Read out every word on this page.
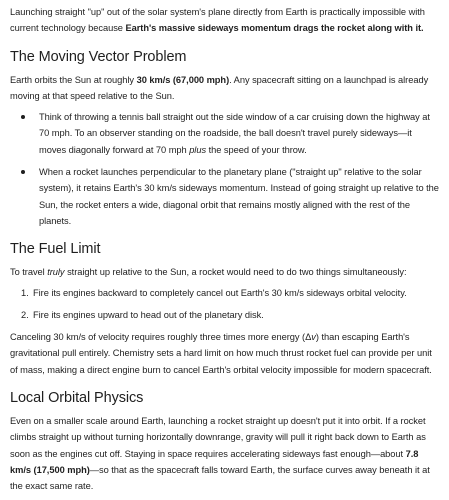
Launching straight "up" out of the solar system's plane directly from Earth is practically impossible with current technology because Earth's massive sideways momentum drags the rocket along with it.

The Moving Vector Problem

Earth orbits the Sun at roughly 30 km/s (67,000 mph). Any spacecraft sitting on a launchpad is already moving at that speed relative to the Sun.

Think of throwing a tennis ball straight out the side window of a car cruising down the highway at 70 mph. To an observer standing on the roadside, the ball doesn't travel purely sideways—it moves diagonally forward at 70 mph plus the speed of your throw.
When a rocket launches perpendicular to the planetary plane ("straight up" relative to the solar system), it retains Earth's 30 km/s sideways momentum. Instead of going straight up relative to the Sun, the rocket enters a wide, diagonal orbit that remains mostly aligned with the rest of the planets.
The Fuel Limit

To travel truly straight up relative to the Sun, a rocket would need to do two things simultaneously:

1. Fire its engines backward to completely cancel out Earth's 30 km/s sideways orbital velocity.
2. Fire its engines upward to head out of the planetary disk.

Canceling 30 km/s of velocity requires roughly three times more energy (Δv) than escaping Earth's gravitational pull entirely. Chemistry sets a hard limit on how much thrust rocket fuel can provide per unit of mass, making a direct engine burn to cancel Earth's orbital velocity impossible for modern spacecraft.

Local Orbital Physics

Even on a smaller scale around Earth, launching a rocket straight up doesn't put it into orbit. If a rocket climbs straight up without turning horizontally downrange, gravity will pull it right back down to Earth as soon as the engines cut off. Staying in space requires accelerating sideways fast enough—about 7.8 km/s (17,500 mph)—so that as the spacecraft falls toward Earth, the surface curves away beneath it at the exact same rate.
